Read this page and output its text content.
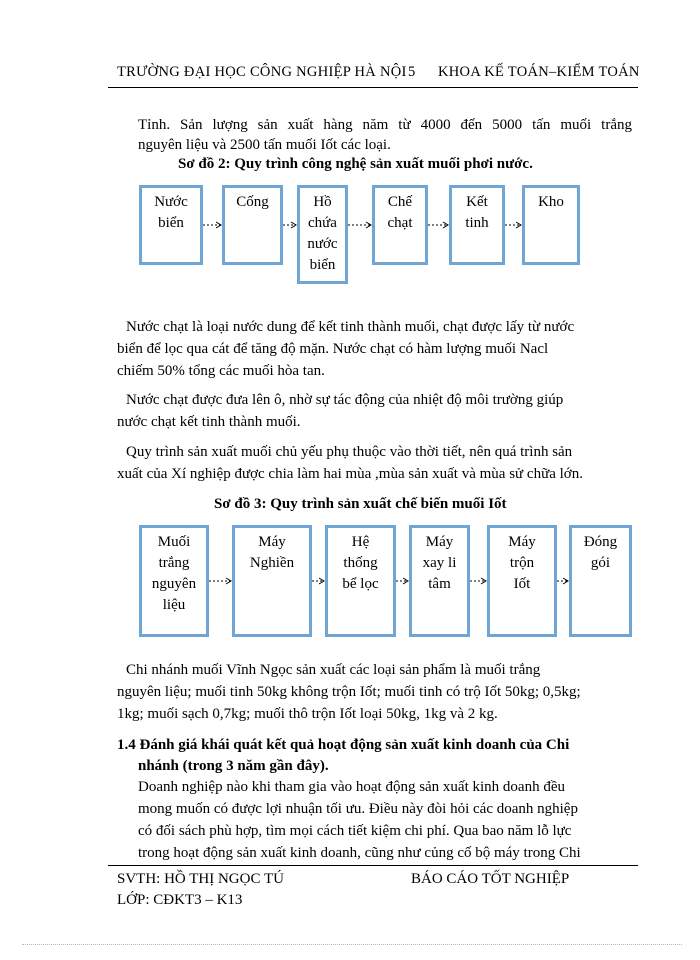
TRƯỜNG ĐẠI HỌC CÔNG NGHIỆP HÀ NỘI 5 KHOA KẾ TOÁN–KIỂM TOÁN
Tỉnh. Sản lượng sản xuất hàng năm từ 4000 đến 5000 tấn muối trắng
nguyên liệu và 2500 tấn muối Iốt các loại.
Sơ đồ 2: Quy trình công nghệ sản xuất muối phơi nước.
Nước
biển
Cống	Hồ
chứa
nước
biển
Chế
chạt
Kết
tinh
Kho
Nước chạt là loại nước dung để kết tinh thành muối, chạt được lấy từ nước
biển để lọc qua cát để tăng độ mặn. Nước chạt có hàm lượng muối Nacl
chiếm 50% tổng các muối hòa tan.
Nước chạt được đưa lên ô, nhờ sự tác động của nhiệt độ môi trường giúp
nước chạt kết tinh thành muối.
Quy trình sản xuất muối chủ yếu phụ thuộc vào thời tiết, nên quá trình sản
xuất của Xí nghiệp được chia làm hai mùa ,mùa sản xuất và mùa sử chữa lớn.
Sơ đồ 3: Quy trình sản xuất chế biến muối Iốt
Muối
trắng
nguyên
liệu
Máy
Nghiền
Hệ
thống
bể lọc
Máy
xay li
tâm
Máy
trộn
Iốt
Đóng
gói
Chi nhánh muối Vĩnh Ngọc sản xuất các loại sản phẩm là muối trắng
nguyên liệu; muối tinh 50kg không trộn Iốt; muối tinh có trộ Iốt 50kg; 0,5kg;
1kg; muối sạch 0,7kg; muối thô trộn Iốt loại 50kg, 1kg và 2 kg.
1.4 Đánh giá khái quát kết quả hoạt động sản xuất kinh doanh của Chi
nhánh (trong 3 năm gần đây).
Doanh nghiệp nào khi tham gia vào hoạt động sản xuất kinh doanh đều
mong muốn có được lợi nhuận tối ưu. Điều này đòi hỏi các doanh nghiệp
có đối sách phù hợp, tìm mọi cách tiết kiệm chi phí. Qua bao năm lỗ lực
trong hoạt động sản xuất kinh doanh, cũng như củng cố bộ máy trong Chi
SVTH: HỒ THỊ NGỌC TÚ	BÁO CÁO TỐT NGHIỆP
LỚP: CĐKT3 – K13
